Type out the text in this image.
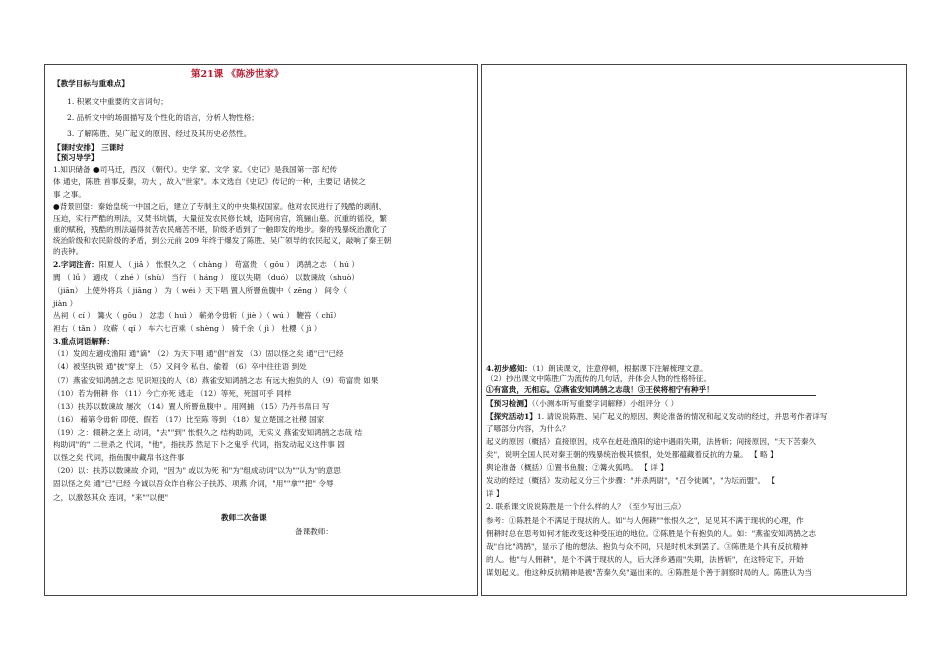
第21课 《陈涉世家》
【教学目标与重难点】
1. 积累文中重要的文言词句；
2. 品析文中的场面描写及个性化的语言，分析人物性格；
3. 了解陈胜、吴广起义的原因、经过及其历史必然性。
【课时安排】 三课时
【预习导学】
1.知识储备 ●司马迁，西汉 （朝代）。史学 家、文学 家。《史记》是我国第一部 纪传
体 通史，陈胜 首事反秦，功大 ，故入"世家"。本文选自《史记》传记的一种，主要记 诸侯之
事 之事。
●背景回望：秦始皇统一中国之后，建立了专制主义的中央集权国家。他对农民进行了残酷的剥削、
压迫，实行严酷的刑法，又焚书坑儒，大量征发农民修长城，造阿房宫，筑骊山墓。沉重的徭役，繁
重的赋税，残酷的刑法逼得贫苦农民痛苦不堪，阶级矛盾到了一触即发的地步。秦的残暴统治激化了
统治阶级和农民阶级的矛盾，到公元前 209 年终于爆发了陈胜、吴广领导的农民起义，敲响了秦王朝
的丧钟。
2.字词注音：阳夏人 （ jiǎ ） 怅恨久之 （ chàng ） 苟富贵 （ gǒu ） 鸿鹄之志 （ hú ）
閭 （ lǘ ） 適戍 （ zhé ）（shù） 当行 （ háng ） 度以失期 （duó） 以数谏故（shuò）
（jiān） 上使外将兵（ jiāng ） 为（ wéi ）天下唱 置人所罾鱼腹中（ zēng ） 间令（
jiàn ）
丛祠（ cí ） 篝火（ gōu ） 忿恚（ huì ） 蕲弟令毋斩（ jiè ）（ wú ） 鞭笞（ chī）
袒右（ tǎn ） 攻蕲（ qí ） 车六七百乘（ shèng ） 骑千余（ jì ） 杜櫻（ jì ）
3.重点词语解释：
（1）发闾左適戍渔阳 通"谪" （2）为天下唱 通"倡"首发 （3）固以怪之矣 通"已"已经
（4）被坚执锐 通"披"穿上 （5）又间令 私自、偷着 （6）卒中往往语 到处
（7）燕雀安知鸿鹄之志 见识短浅的人（8）燕雀安知鸿鹄之志 有远大抱负的人（9）苟富贵 如果
（10）若为佣耕 你 （11）今亡亦死 逃走 （12）等死，死国可乎 同样
（13）扶苏以数谏故 屡次 （14）置人所罾鱼腹中 。用网捕 （15）乃丹书帛曰 写
（16） 藉第令毋斩 即使、假若 （17）比至陈 等到 （18）复立楚国之社稷 国家
（19）之：辍耕之垄上 动词，"去""到" 怅恨久之 结构助词，无实义 燕雀安知鸿鹄之志哉 结
构助词"的" 二世杀之 代词，"他"，指扶苏 然足下卜之鬼乎 代词，指发动起义这件事 固
以怪之矣 代词，指鱼腹中藏帛书这件事
（20）以：扶苏以数谏故 介词，"因为" 或以为死 和"为"组成动词"以为""认为"的意思
固以怪之矣 通"已"已经 今诚以吾众诈自称公子扶苏、项燕 介词，"用""拿""把" 令辱
之，以激怒其众 连词，"来""以便"
教师二次备课
备课教师：
4.初步感知：（1）朗读课文，注意停顿，根据课下注解梳理文意。
（2）抄出课文中陈胜广为流传的几句话，并体会人物的性格特征。
①有富贵，无相忘。②燕雀安知鸿鹄之志哉！③王侯将相宁有种乎！
【预习检测】（（小测本听写重要字词解释）小组评分（ ）
【探究活动1】1. 请说说陈胜、吴广起义的原因、舆论准备的情况和起义发动的经过，并思考作者详写
了哪部分内容，为什么？
起义的原因（概括）直接原因，戍卒在赶赴渔阳的途中遇雨失期，法皆斩；间接原因，"天下苦秦久
矣"，说明全国人民对秦王朝的残暴统治极其愤恨，处处都蕴藏着反抗的力量。 【 略 】
舆论准备（概括）①置书鱼腹；②篝火狐鸣。 【 详 】
发动的经过（概括）发动起义分三个步骤："并杀两尉"，"召令徒属"，"为坛而盟"。 【
详 】
2. 联系课文说说陈胜是一个什么样的人？（至少写出三点）
参考：①陈胜是个不满足于现状的人。如"与人佣耕""怅恨久之"，足见其不满于现状的心理，作
佣耕时总在思考如何才能改变这种受压迫的地位。②陈胜是个有抱负的人。如："燕雀安知鸿鹄之志
哉"自比"鸿鹄"，显示了他的想法、抱负与众不同，只是时机未到罢了。③陈胜是个具有反抗精神
的人。他"与人佣耕"，是个不满于现状的人，后大泽乡遇雨"失期，法皆斩"，在这特定下，开始
谋划起义。他这种反抗精神是被"苦秦久矣"逼出来的。④陈胜是个善于洞察时局的人。陈胜认为当
